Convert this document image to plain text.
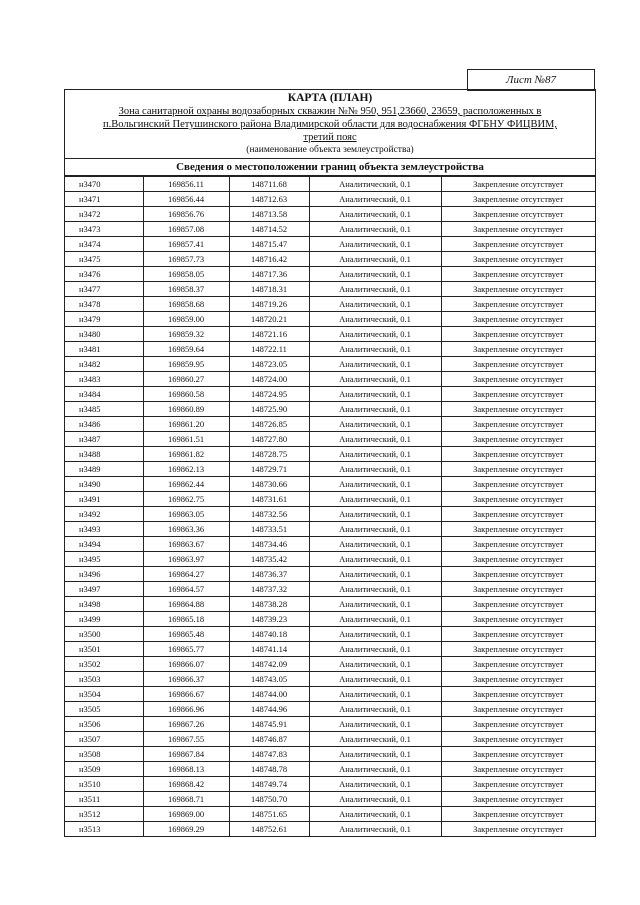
Лист №87
КАРТА (ПЛАН)
Зона санитарной охраны водозаборных скважин №№ 950, 951,23660, 23659, расположенных в
п.Вольгинский Петушинского района Владимирской области для водоснабжения ФГБНУ ФИЦВИМ,
третий пояс
(наименование объекта землеустройства)
Сведения о местоположении границ объекта землеустройства
н3470	169856.11	148711.68	Аналитический, 0.1	Закрепление отсутствует
н3471	169856.44	148712.63	Аналитический, 0.1	Закрепление отсутствует
н3472	169856.76	148713.58	Аналитический, 0.1	Закрепление отсутствует
н3473	169857.08	148714.52	Аналитический, 0.1	Закрепление отсутствует
н3474	169857.41	148715.47	Аналитический, 0.1	Закрепление отсутствует
н3475	169857.73	148716.42	Аналитический, 0.1	Закрепление отсутствует
н3476	169858.05	148717.36	Аналитический, 0.1	Закрепление отсутствует
н3477	169858.37	148718.31	Аналитический, 0.1	Закрепление отсутствует
н3478	169858.68	148719.26	Аналитический, 0.1	Закрепление отсутствует
н3479	169859.00	148720.21	Аналитический, 0.1	Закрепление отсутствует
н3480	169859.32	148721.16	Аналитический, 0.1	Закрепление отсутствует
н3481	169859.64	148722.11	Аналитический, 0.1	Закрепление отсутствует
н3482	169859.95	148723.05	Аналитический, 0.1	Закрепление отсутствует
н3483	169860.27	148724.00	Аналитический, 0.1	Закрепление отсутствует
н3484	169860.58	148724.95	Аналитический, 0.1	Закрепление отсутствует
н3485	169860.89	148725.90	Аналитический, 0.1	Закрепление отсутствует
н3486	169861.20	148726.85	Аналитический, 0.1	Закрепление отсутствует
н3487	169861.51	148727.80	Аналитический, 0.1	Закрепление отсутствует
н3488	169861.82	148728.75	Аналитический, 0.1	Закрепление отсутствует
н3489	169862.13	148729.71	Аналитический, 0.1	Закрепление отсутствует
н3490	169862.44	148730.66	Аналитический, 0.1	Закрепление отсутствует
н3491	169862.75	148731.61	Аналитический, 0.1	Закрепление отсутствует
н3492	169863.05	148732.56	Аналитический, 0.1	Закрепление отсутствует
н3493	169863.36	148733.51	Аналитический, 0.1	Закрепление отсутствует
н3494	169863.67	148734.46	Аналитический, 0.1	Закрепление отсутствует
н3495	169863.97	148735.42	Аналитический, 0.1	Закрепление отсутствует
н3496	169864.27	148736.37	Аналитический, 0.1	Закрепление отсутствует
н3497	169864.57	148737.32	Аналитический, 0.1	Закрепление отсутствует
н3498	169864.88	148738.28	Аналитический, 0.1	Закрепление отсутствует
н3499	169865.18	148739.23	Аналитический, 0.1	Закрепление отсутствует
н3500	169865.48	148740.18	Аналитический, 0.1	Закрепление отсутствует
н3501	169865.77	148741.14	Аналитический, 0.1	Закрепление отсутствует
н3502	169866.07	148742.09	Аналитический, 0.1	Закрепление отсутствует
н3503	169866.37	148743.05	Аналитический, 0.1	Закрепление отсутствует
н3504	169866.67	148744.00	Аналитический, 0.1	Закрепление отсутствует
н3505	169866.96	148744.96	Аналитический, 0.1	Закрепление отсутствует
н3506	169867.26	148745.91	Аналитический, 0.1	Закрепление отсутствует
н3507	169867.55	148746.87	Аналитический, 0.1	Закрепление отсутствует
н3508	169867.84	148747.83	Аналитический, 0.1	Закрепление отсутствует
н3509	169868.13	148748.78	Аналитический, 0.1	Закрепление отсутствует
н3510	169868.42	148749.74	Аналитический, 0.1	Закрепление отсутствует
н3511	169868.71	148750.70	Аналитический, 0.1	Закрепление отсутствует
н3512	169869.00	148751.65	Аналитический, 0.1	Закрепление отсутствует
н3513	169869.29	148752.61	Аналитический, 0.1	Закрепление отсутствует
